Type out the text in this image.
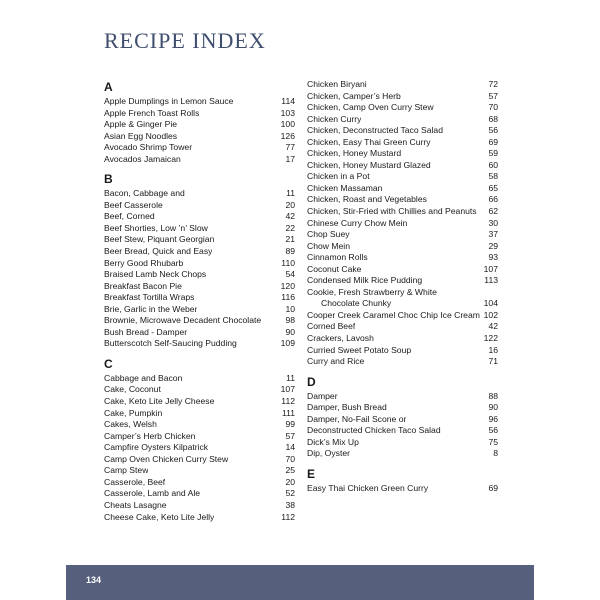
RECIPE INDEX
A
Apple Dumplings in Lemon Sauce	114
Apple French Toast Rolls	103
Apple & Ginger Pie	100
Asian Egg Noodles	126
Avocado Shrimp Tower	77
Avocados Jamaican	17
B
Bacon, Cabbage and	11
Beef Casserole	20
Beef, Corned	42
Beef Shorties, Low ’n’ Slow	22
Beef Stew, Piquant Georgian	21
Beer Bread, Quick and Easy	89
Berry Good Rhubarb	110
Braised Lamb Neck Chops	54
Breakfast Bacon Pie	120
Breakfast Tortilla Wraps	116
Brie, Garlic in the Weber	10
Brownie, Microwave Decadent Chocolate	98
Bush Bread - Damper	90
Butterscotch Self-Saucing Pudding	109
C
Cabbage and Bacon	11
Cake, Coconut	107
Cake, Keto Lite Jelly Cheese	112
Cake, Pumpkin	111
Cakes, Welsh	99
Camper’s Herb Chicken	57
Campfire Oysters Kilpatrick	14
Camp Oven Chicken Curry Stew	70
Camp Stew	25
Casserole, Beef	20
Casserole, Lamb and Ale	52
Cheats Lasagne	38
Cheese Cake, Keto Lite Jelly	112
Chicken Biryani	72
Chicken, Camper’s Herb	57
Chicken, Camp Oven Curry Stew	70
Chicken Curry	68
Chicken, Deconstructed Taco Salad	56
Chicken, Easy Thai Green Curry	69
Chicken, Honey Mustard	59
Chicken, Honey Mustard Glazed	60
Chicken in a Pot	58
Chicken Massaman	65
Chicken, Roast and Vegetables	66
Chicken, Stir-Fried with Chillies and Peanuts	62
Chinese Curry Chow Mein	30
Chop Suey	37
Chow Mein	29
Cinnamon Rolls	93
Coconut Cake	107
Condensed Milk Rice Pudding	113
Cookie, Fresh Strawberry & White
Chocolate Chunky	104
Cooper Creek Caramel Choc Chip Ice Cream 102
Corned Beef	42
Crackers, Lavosh	122
Curried Sweet Potato Soup	16
Curry and Rice	71
D
Damper	88
Damper, Bush Bread	90
Damper, No-Fail Scone or	96
Deconstructed Chicken Taco Salad	56
Dick’s Mix Up	75
Dip, Oyster	8
E
Easy Thai Chicken Green Curry	69
134
